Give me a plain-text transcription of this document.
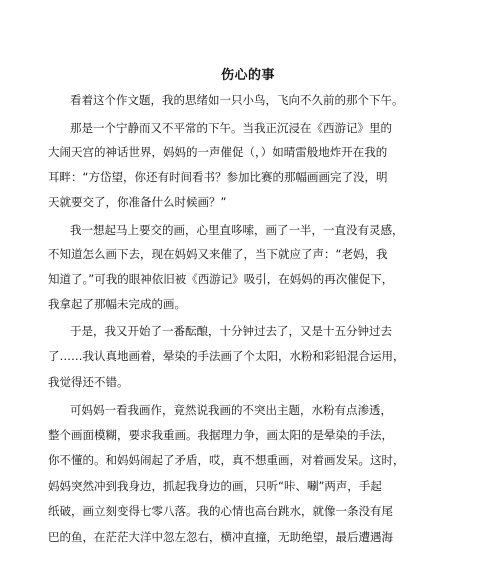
伤心的事
看着这个作文题，我的思绪如一只小鸟，飞向不久前的那个下午。
那是一个宁静而又不平常的下午。当我正沉浸在《西游记》里的
大闹天宫的神话世界，妈妈的一声催促（，）如晴雷般地炸开在我的
耳畔：“方岱望，你还有时间看书？参加比赛的那幅画画完了没，明
天就要交了，你准备什么时候画？”
我一想起马上要交的画，心里直哆嗦，画了一半，一直没有灵感，
不知道怎么画下去，现在妈妈又来催了，当下就应了声：“老妈，我
知道了。”可我的眼神依旧被《西游记》吸引，在妈妈的再次催促下，
我拿起了那幅未完成的画。
于是，我又开始了一番酝酿，十分钟过去了，又是十五分钟过去
了……我认真地画着，晕染的手法画了个太阳，水粉和彩铅混合运用，
我觉得还不错。
可妈妈一看我画作，竟然说我画的不突出主题，水粉有点渗透，
整个画面模糊，要求我重画。我据理力争，画太阳的是晕染的手法，
你不懂的。和妈妈闹起了矛盾，哎，真不想重画，对着画发呆。这时，
妈妈突然冲到我身边，抓起我身边的画，只听“咔、唰”两声，手起
纸破，画立刻变得七零八落。我的心情也高台跳水，就像一条没有尾
巴的鱼，在茫茫大洋中忽左忽右，横冲直撞，无助绝望，最后遭遇海
